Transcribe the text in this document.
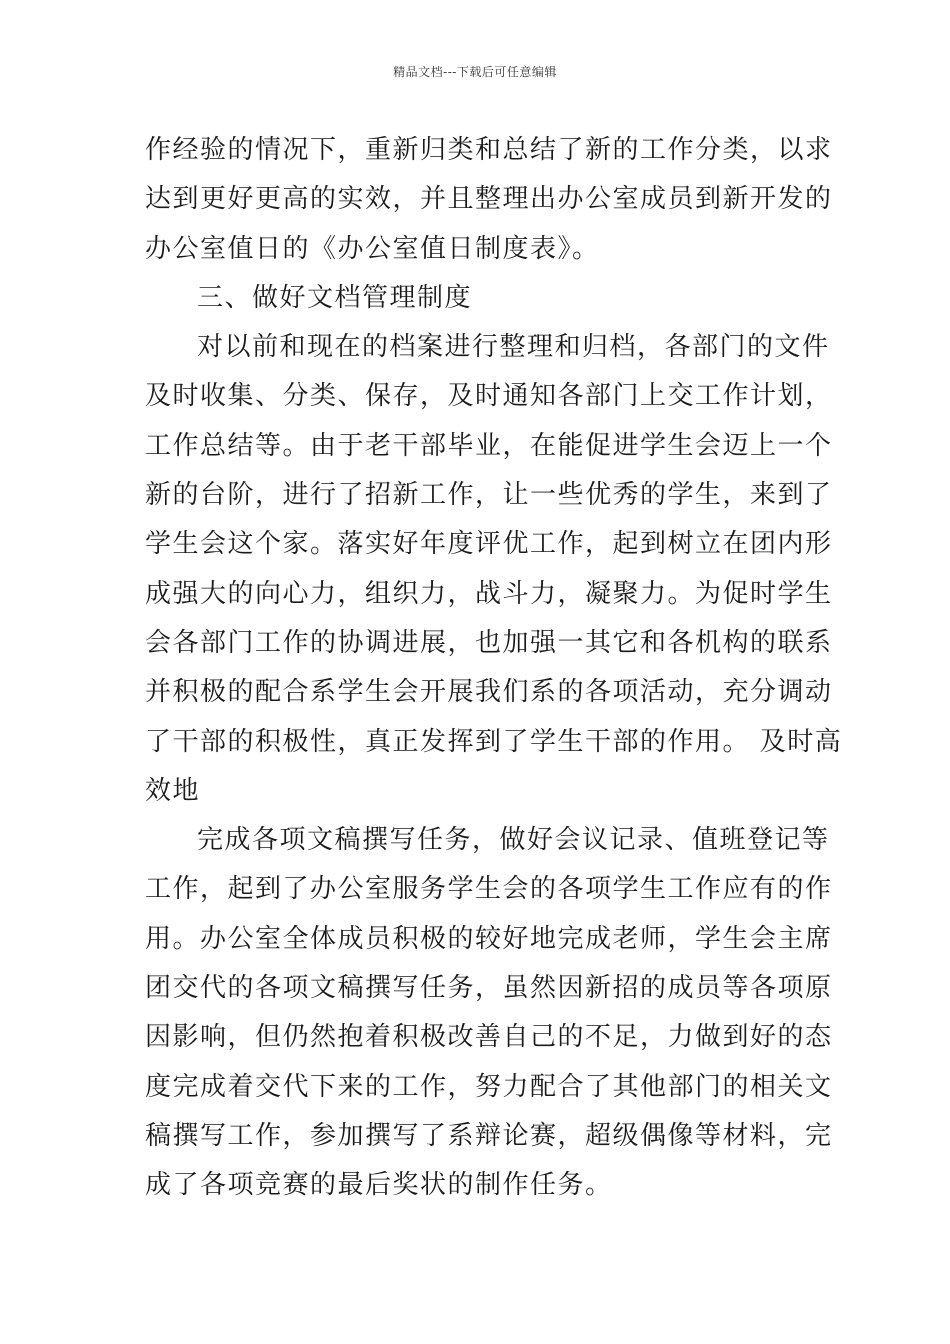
精品文档---下载后可任意编辑
作经验的情况下，重新归类和总结了新的工作分类，以求
达到更好更高的实效，并且整理出办公室成员到新开发的
办公室值日的《办公室值日制度表》。
三、做好文档管理制度
对以前和现在的档案进行整理和归档，各部门的文件
及时收集、分类、保存，及时通知各部门上交工作计划，
工作总结等。由于老干部毕业，在能促进学生会迈上一个
新的台阶，进行了招新工作，让一些优秀的学生，来到了
学生会这个家。落实好年度评优工作，起到树立在团内形
成强大的向心力，组织力，战斗力，凝聚力。为促时学生
会各部门工作的协调进展，也加强一其它和各机构的联系
并积极的配合系学生会开展我们系的各项活动，充分调动
了干部的积极性，真正发挥到了学生干部的作用。 及时高
效地
完成各项文稿撰写任务，做好会议记录、值班登记等
工作，起到了办公室服务学生会的各项学生工作应有的作
用。办公室全体成员积极的较好地完成老师，学生会主席
团交代的各项文稿撰写任务，虽然因新招的成员等各项原
因影响，但仍然抱着积极改善自己的不足，力做到好的态
度完成着交代下来的工作，努力配合了其他部门的相关文
稿撰写工作，参加撰写了系辩论赛，超级偶像等材料，完
成了各项竞赛的最后奖状的制作任务。
